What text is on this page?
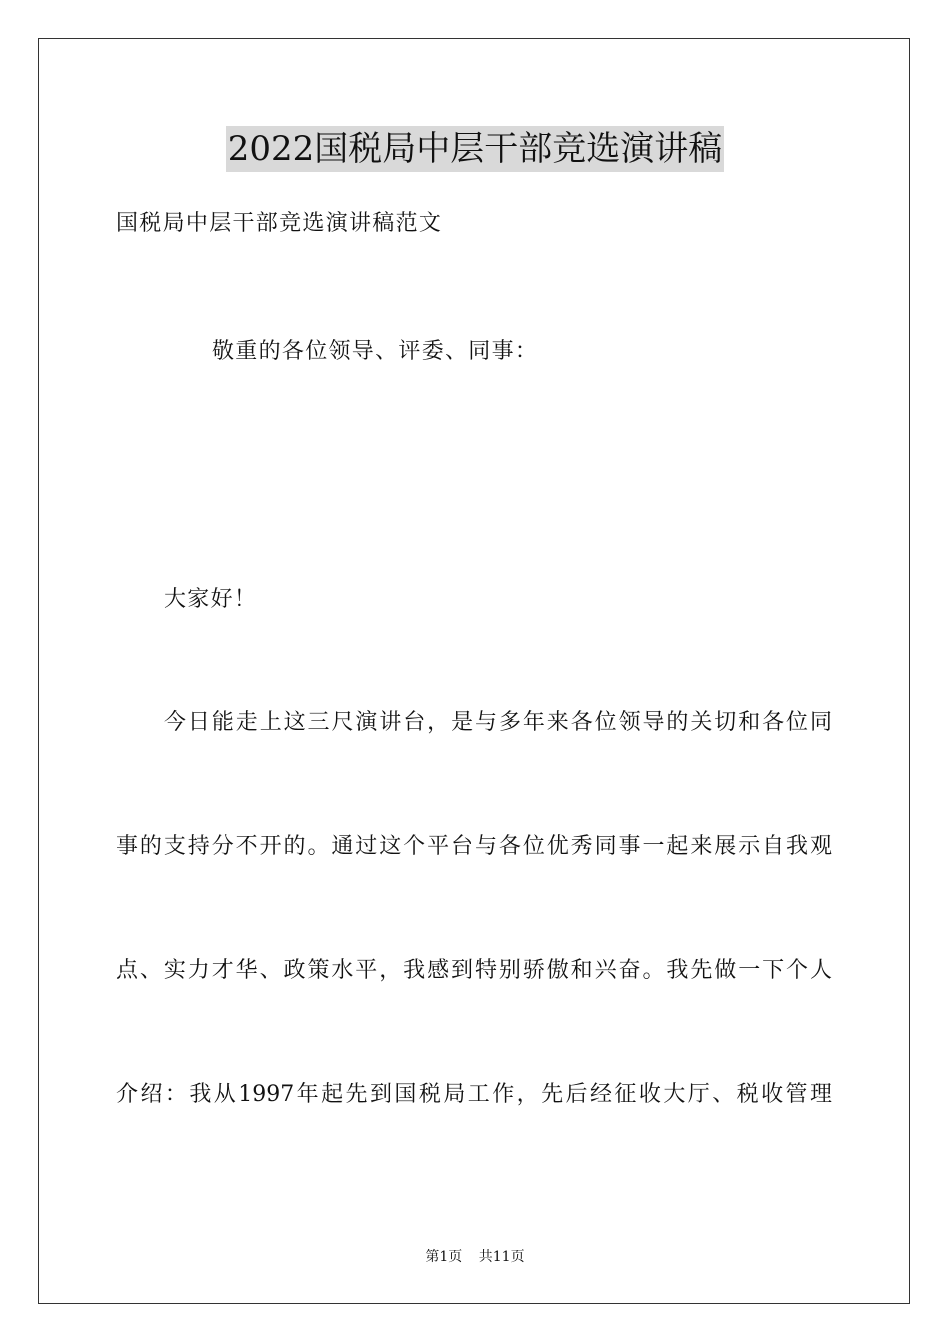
2022国税局中层干部竞选演讲稿
国税局中层干部竞选演讲稿范文
敬重的各位领导、评委、同事：
大家好！
今日能走上这三尺演讲台，是与多年来各位领导的关切和各位同
事的支持分不开的。通过这个平台与各位优秀同事一起来展示自我观
点、实力才华、政策水平，我感到特别骄傲和兴奋。我先做一下个人
介绍：我从1997年起先到国税局工作，先后经征收大厅、税收管理
第1页 共11页
